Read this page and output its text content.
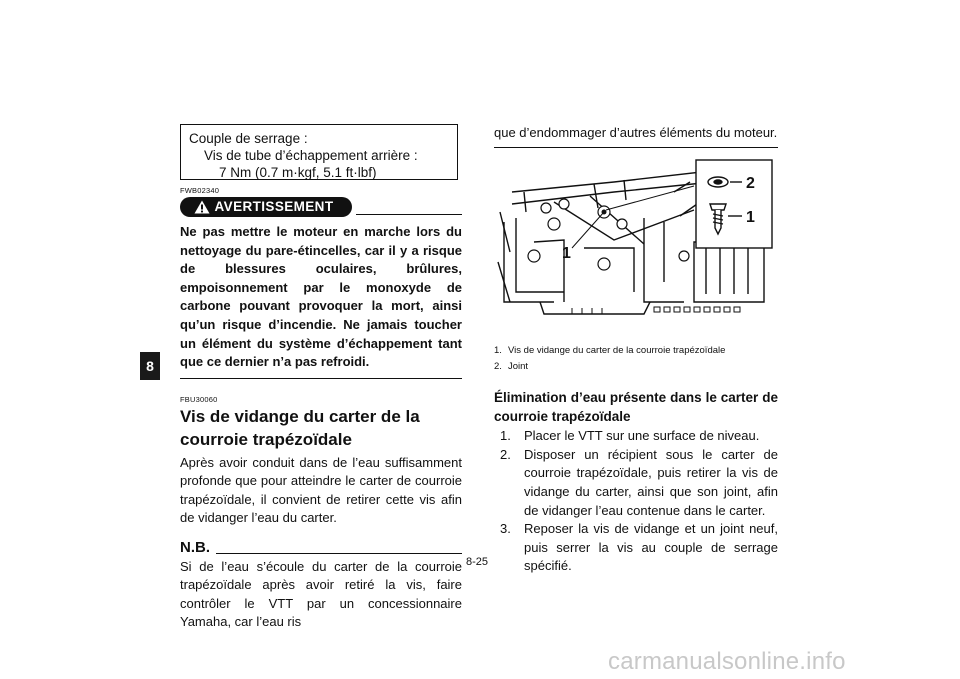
8
Couple de serrage :
Vis de tube d’échappement arrière :
7 Nm (0.7 m·kgf, 5.1 ft·lbf)
FWB02340
AVERTISSEMENT
Ne pas mettre le moteur en marche lors du nettoyage du pare-étincelles, car il y a risque de blessures oculaires, brûlures, empoisonnement par le monoxyde de carbone pouvant provoquer la mort, ainsi qu’un risque d’incendie. Ne jamais toucher un élément du système d’échappement tant que ce dernier n’a pas refroidi.
FBU30060
Vis de vidange du carter de la courroie trapézoïdale
Après avoir conduit dans de l’eau suffisamment profonde que pour atteindre le carter de courroie trapézoïdale, il convient de retirer cette vis afin de vidanger l’eau du carter.
N.B.
Si de l’eau s’écoule du carter de la courroie trapézoïdale après avoir retiré la vis, faire contrôler le VTT par un concessionnaire Yamaha, car l’eau ris
que d’endommager d’autres éléments du moteur.
1
2
1
1. Vis de vidange du carter de la courroie trapézoïdale
2. Joint
Élimination d’eau présente dans le carter de courroie trapézoïdale
1.	Placer le VTT sur une surface de niveau.
2.	Disposer un récipient sous le carter de courroie trapézoïdale, puis retirer la vis de vidange du carter, ainsi que son joint, afin de vidanger l’eau contenue dans le carter.
3.	Reposer la vis de vidange et un joint neuf, puis serrer la vis au couple de serrage spécifié.
8-25
carmanualsonline.info
